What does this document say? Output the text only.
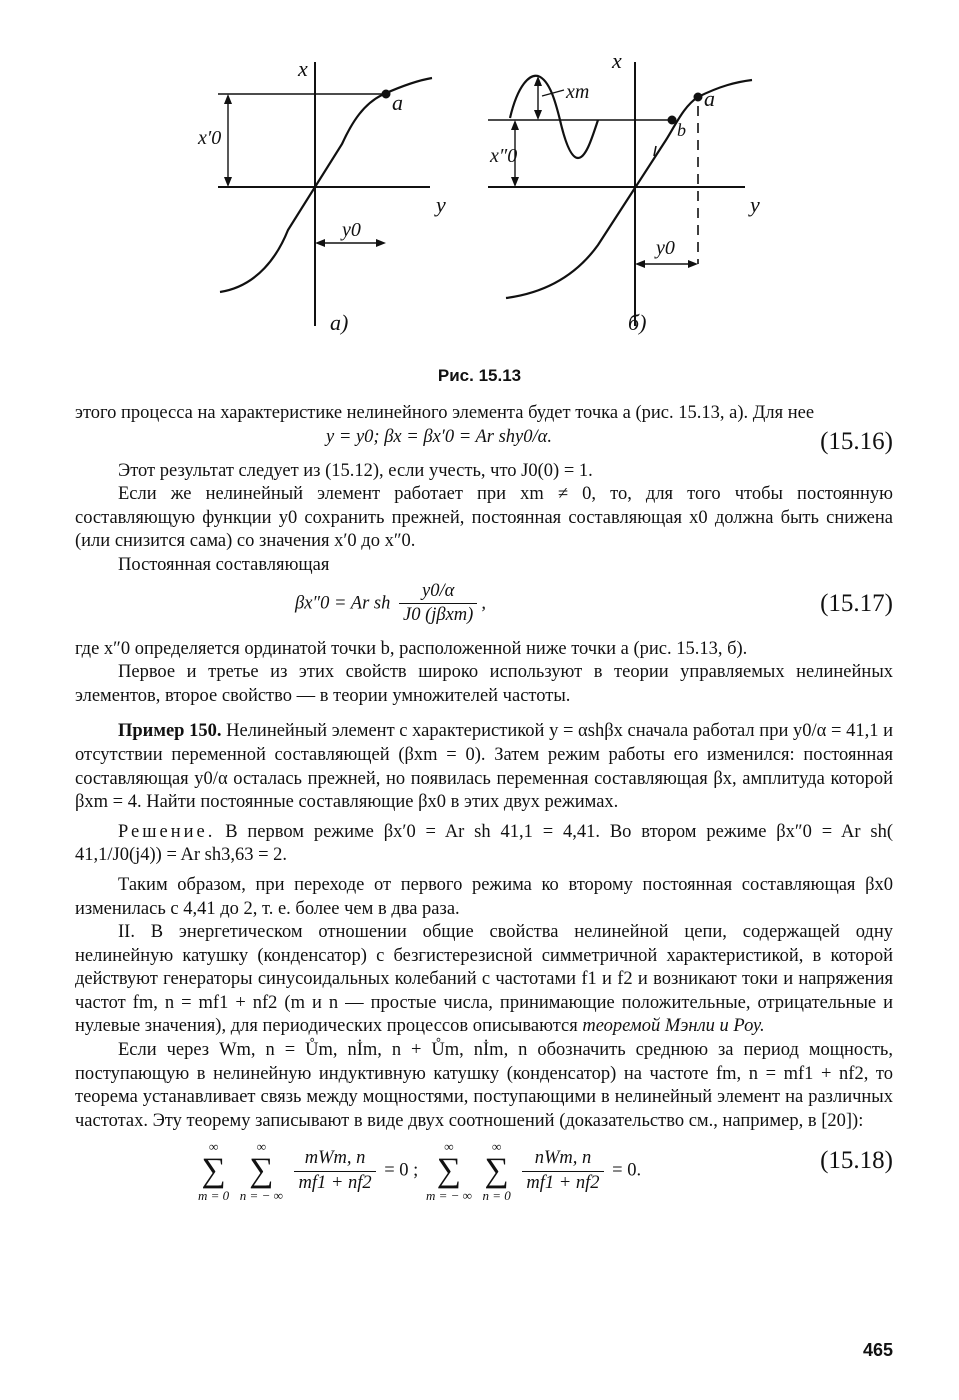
x
y
a
x′0
y0
а)
x
y
a
b
xm
x″0
y0
б)
Рис. 15.13

этого процесса на характеристике нелинейного элемента будет точка a (рис. 15.13, а). Для нее

y = y0; βx = βx′0 = Ar shy0/α.	(15.16)

Этот результат следует из (15.12), если учесть, что J0(0) = 1.

Если же нелинейный элемент работает при xm ≠ 0, то, для того чтобы постоянную составляющую функции y0 сохранить прежней, постоянная составляющая x0 должна быть снижена (или снизится сама) со значения x′0 до x″0.

Постоянная составляющая

βx″0 = Ar sh $\frac{y0/\alpha}{\text{J0 (jβxm)}}$ ,	(15.17)

где x″0 определяется ординатой точки b, расположенной ниже точки a (рис. 15.13, б).

Первое и третье из этих свойств широко используют в теории управляемых нелинейных элементов, второе свойство — в теории умножителей частоты.

Пример 150. Нелинейный элемент с характеристикой y = αshβx сначала работал при y0/α = 41,1 и отсутствии переменной составляющей (βxm = 0). Затем режим работы его изменился: постоянная составляющая y0/α осталась прежней, но появилась переменная составляющая βx, амплитуда которой βxm = 4. Найти постоянные составляющие βx0 в этих двух режимах.

Решение. В первом режиме βx′0 = Ar sh 41,1 = 4,41. Во втором режиме βx″0 = Ar sh( 41,1/J0(j4)) = Ar sh3,63 = 2.

Таким образом, при переходе от первого режима ко второму постоянная составляющая βx0 изменилась с 4,41 до 2, т. е. более чем в два раза.

II. В энергетическом отношении общие свойства нелинейной цепи, содержащей одну нелинейную катушку (конденсатор) с безгистерезисной симметричной характеристикой, в которой действуют генераторы синусоидальных колебаний с частотами f1 и f2 и возникают токи и напряжения частот fm, n = mf1 + nf2 (m и n — простые числа, принимающие положительные, отрицательные и нулевые значения), для периодических процессов описываются теоремой Мэнли и Роу.

Если через Wm, n = Ům, nİm, n + Ům, nİm, n обозначить среднюю за период мощность, поступающую в нелинейную индуктивную катушку (конденсатор) на частоте fm, n = mf1 + nf2, то теорема устанавливает связь между мощностями, поступающими в нелинейный элемент на различных частотах. Эту теорему записывают в виде двух соотношений (доказательство см., например, в [20]):

∞
∑
m = 0

∞
∑
n = − ∞

$\frac{\text{mWm, n}}{mf1 + nf2} = 0$ ;
∞
∑
m = − ∞

∞
∑
n = 0

$\frac{\text{nWm, n}}{mf1 + nf2} = 0$.	(15.18)
465
